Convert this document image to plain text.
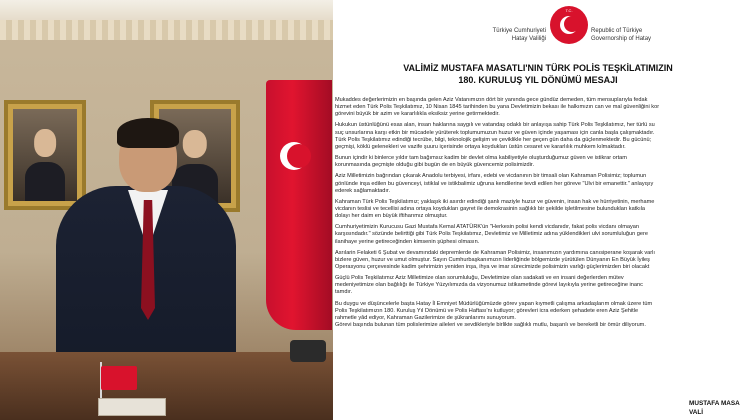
Türkiye Cumhuriyeti
Hatay Valiliği
T.C.
Republic of Türkiye
Governorship of Hatay
VALİMİZ MUSTAFA MASATLI'NIN TÜRK POLİS TEŞKİLATIMIZIN
180. KURULUŞ YIL DÖNÜMÜ MESAJI

Mukaddes değerlerimizin en başında gelen Aziz Vatanımızın dört bir yanında gece gündüz demeden, tüm mensuplarıyla fedak
hizmet eden Türk Polis Teşkilatımız, 10 Nisan 1845 tarihinden bu yana Devletimizin bekası ile halkımızın can ve mal güvenliğini kor
görevini büyük bir azim ve kararlılıkla eksiksiz yerine getirmektedir.

Hukukun üstünlüğünü esas alan, insan haklarına saygılı ve vatandaş odaklı bir anlayışa sahip Türk Polis Teşkilatımız, her türlü su
suç unsurlarına karşı etkin bir mücadele yürüterek toplumumuzun huzur ve güven içinde yaşaması için canla başla çalışmaktadır.
Türk Polis Teşkilatımız edindiği tecrübe, bilgi, teknolojik gelişim ve çeviklikle her geçen gün daha da güçlenmektedir. Bu gücünü;
geçmişi, köklü gelenekleri ve vazife şuuru içerisinde ortaya koydukları üstün cesaret ve kararlılık muhkem kılmaktadır.

Bunun içindir ki binlerce yıldır tam bağımsız kadim bir devlet olma kabiliyetiyle oluşturduğumuz güven ve istikrar ortam
korunmasında geçmişte olduğu gibi bugün de en büyük güvencemiz polisimizdir.

Aziz Milletimizin bağrından çıkarak Anadolu terbiyesi, irfanı, edebi ve vicdanının bir timsali olan Kahraman Polisimiz; toplumun
gönlünde inşa edilen bu güvenceyi, istiklal ve istikbalimiz uğruna kendilerine tevdi edilen her göreve "Ulvi bir emanettir." anlayışıy
ederek sağlamaktadır.

Kahraman Türk Polis Teşkilatımız; yaklaşık iki asırdır edindiği şanlı maziyle huzur ve güvenin, insan hak ve hürriyetinin, merhame
vicdanın teslisi ve tecellisi adına ortaya koydukları gayret ile demokrasinin sağlıklı bir şekilde işletilmesine bulundukları katkıla
dolayı her daim en büyük iftiharımız olmuştur.

Cumhuriyetimizin Kurucusu Gazi Mustafa Kemal ATATÜRK'ün "Herkesin polisi kendi vicdanıdır, fakat polis vicdanı olmayan
karşısındadır." sözünde belirttiği gibi Türk Polis Teşkilatımız, Devletimiz ve Milletimiz adına yüklendikleri ulvi sorumluluğun gere
ilanihaye yerine getireceğinden kimsenin şüphesi olmasın.

Asrılarin Felaketi 6 Şubat ve devamındaki depremlerde de Kahraman Polisimiz, insanımızın yardımına canısiperane koşarak varlı
bizlere güven, huzur ve umut olmuştur. Sayın Cumhurbaşkanımızın liderliğinde bölgemizde yürütülen Dünyanın En Büyük İyileş
Operasyonu çerçevesinde kadim şehrimizin yeniden inşa, ihya ve imar sürecimizde polisimizin varlığı güçlerimizden biri olacakt

Güçlü Polis Teşkilatımız Aziz Milletimize olan sorumluluğu, Devletimize olan sadakati ve en insani değerlerden mütev
medeniyetimize olan bağlılığı ile Türkiye Yüzyılımızda da vizyonumuz istikametinde görevi layıkıyla yerine getireceğine inanc
tamdır.

Bu duygu ve düşüncelerle başta Hatay İl Emniyet Müdürlüğümüzde görev yapan kıymetli çalışma arkadaşlarım olmak üzere tüm
Polis Teşkilatımızın 180. Kuruluş Yıl Dönümü ve Polis Haftası'nı kutluyor; görevleri icra ederken şehadete eren Aziz Şehitle
rahmetle yâd ediyor, Kahraman Gazilerimize de şükranlarımı sunuyorum.
Görevi başında bulunan tüm polislerimize aileleri ve sevdikleriyle birlikte sağlıklı mutlu, başarılı ve bereketli bir ömür diliyorum.

MUSTAFA MASA
VALİ
